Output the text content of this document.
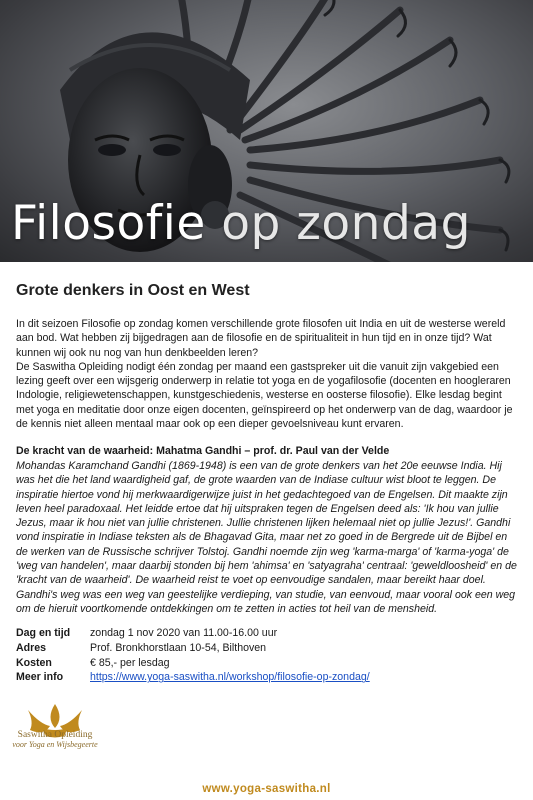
Filosofie op zondag
Grote denkers in Oost en West

In dit seizoen Filosofie op zondag komen verschillende grote filosofen uit India en uit de westerse wereld aan bod. Wat hebben zij bijgedragen aan de filosofie en de spiritualiteit in hun tijd en in onze tijd? Wat kunnen wij ook nu nog van hun denkbeelden leren?

De Saswitha Opleiding nodigt één zondag per maand een gastspreker uit die vanuit zijn vakgebied een lezing geeft over een wijsgerig onderwerp in relatie tot yoga en de yogafilosofie (docenten en hoogleraren Indologie, religiewetenschappen, kunstgeschiedenis, westerse en oosterse filosofie). Elke lesdag begint met yoga en meditatie door onze eigen docenten, geïnspireerd op het onderwerp van de dag, waardoor je de kennis niet alleen mentaal maar ook op een dieper gevoelsniveau kunt ervaren.

De kracht van de waarheid: Mahatma Gandhi – prof. dr. Paul van der Velde

Mohandas Karamchand Gandhi (1869-1948) is een van de grote denkers van het 20e eeuwse India. Hij was het die het land waardigheid gaf, de grote waarden van de Indiase cultuur wist bloot te leggen. De inspiratie hiertoe vond hij merkwaardigerwijze juist in het gedachtegoed van de Engelsen. Dit maakte zijn leven heel paradoxaal. Het leidde ertoe dat hij uitspraken tegen de Engelsen deed als: 'Ik hou van jullie Jezus, maar ik hou niet van jullie christenen. Jullie christenen lijken helemaal niet op jullie Jezus!'. Gandhi vond inspiratie in Indiase teksten als de Bhagavad Gita, maar net zo goed in de Bergrede uit de Bijbel en de werken van de Russische schrijver Tolstoj. Gandhi noemde zijn weg 'karma-marga' of 'karma-yoga' de 'weg van handelen', maar daarbij stonden bij hem 'ahimsa' en 'satyagraha' centraal: 'geweldloosheid' en de 'kracht van de waarheid'. De waarheid reist te voet op eenvoudige sandalen, maar bereikt haar doel. Gandhi's weg was een weg van geestelijke verdieping, van studie, van eenvoud, maar vooral ook een weg om de hieruit voortkomende ontdekkingen om te zetten in acties tot heil van de mensheid.

Dag en tijd	zondag 1 nov 2020 van 11.00-16.00 uur
Adres	Prof. Bronkhorstlaan 10-54, Bilthoven
Kosten	€ 85,- per lesdag
Meer info	https://www.yoga-saswitha.nl/workshop/filosofie-op-zondag/
Saswitha Opleiding
voor Yoga en Wijsbegeerte
www.yoga-saswitha.nl
